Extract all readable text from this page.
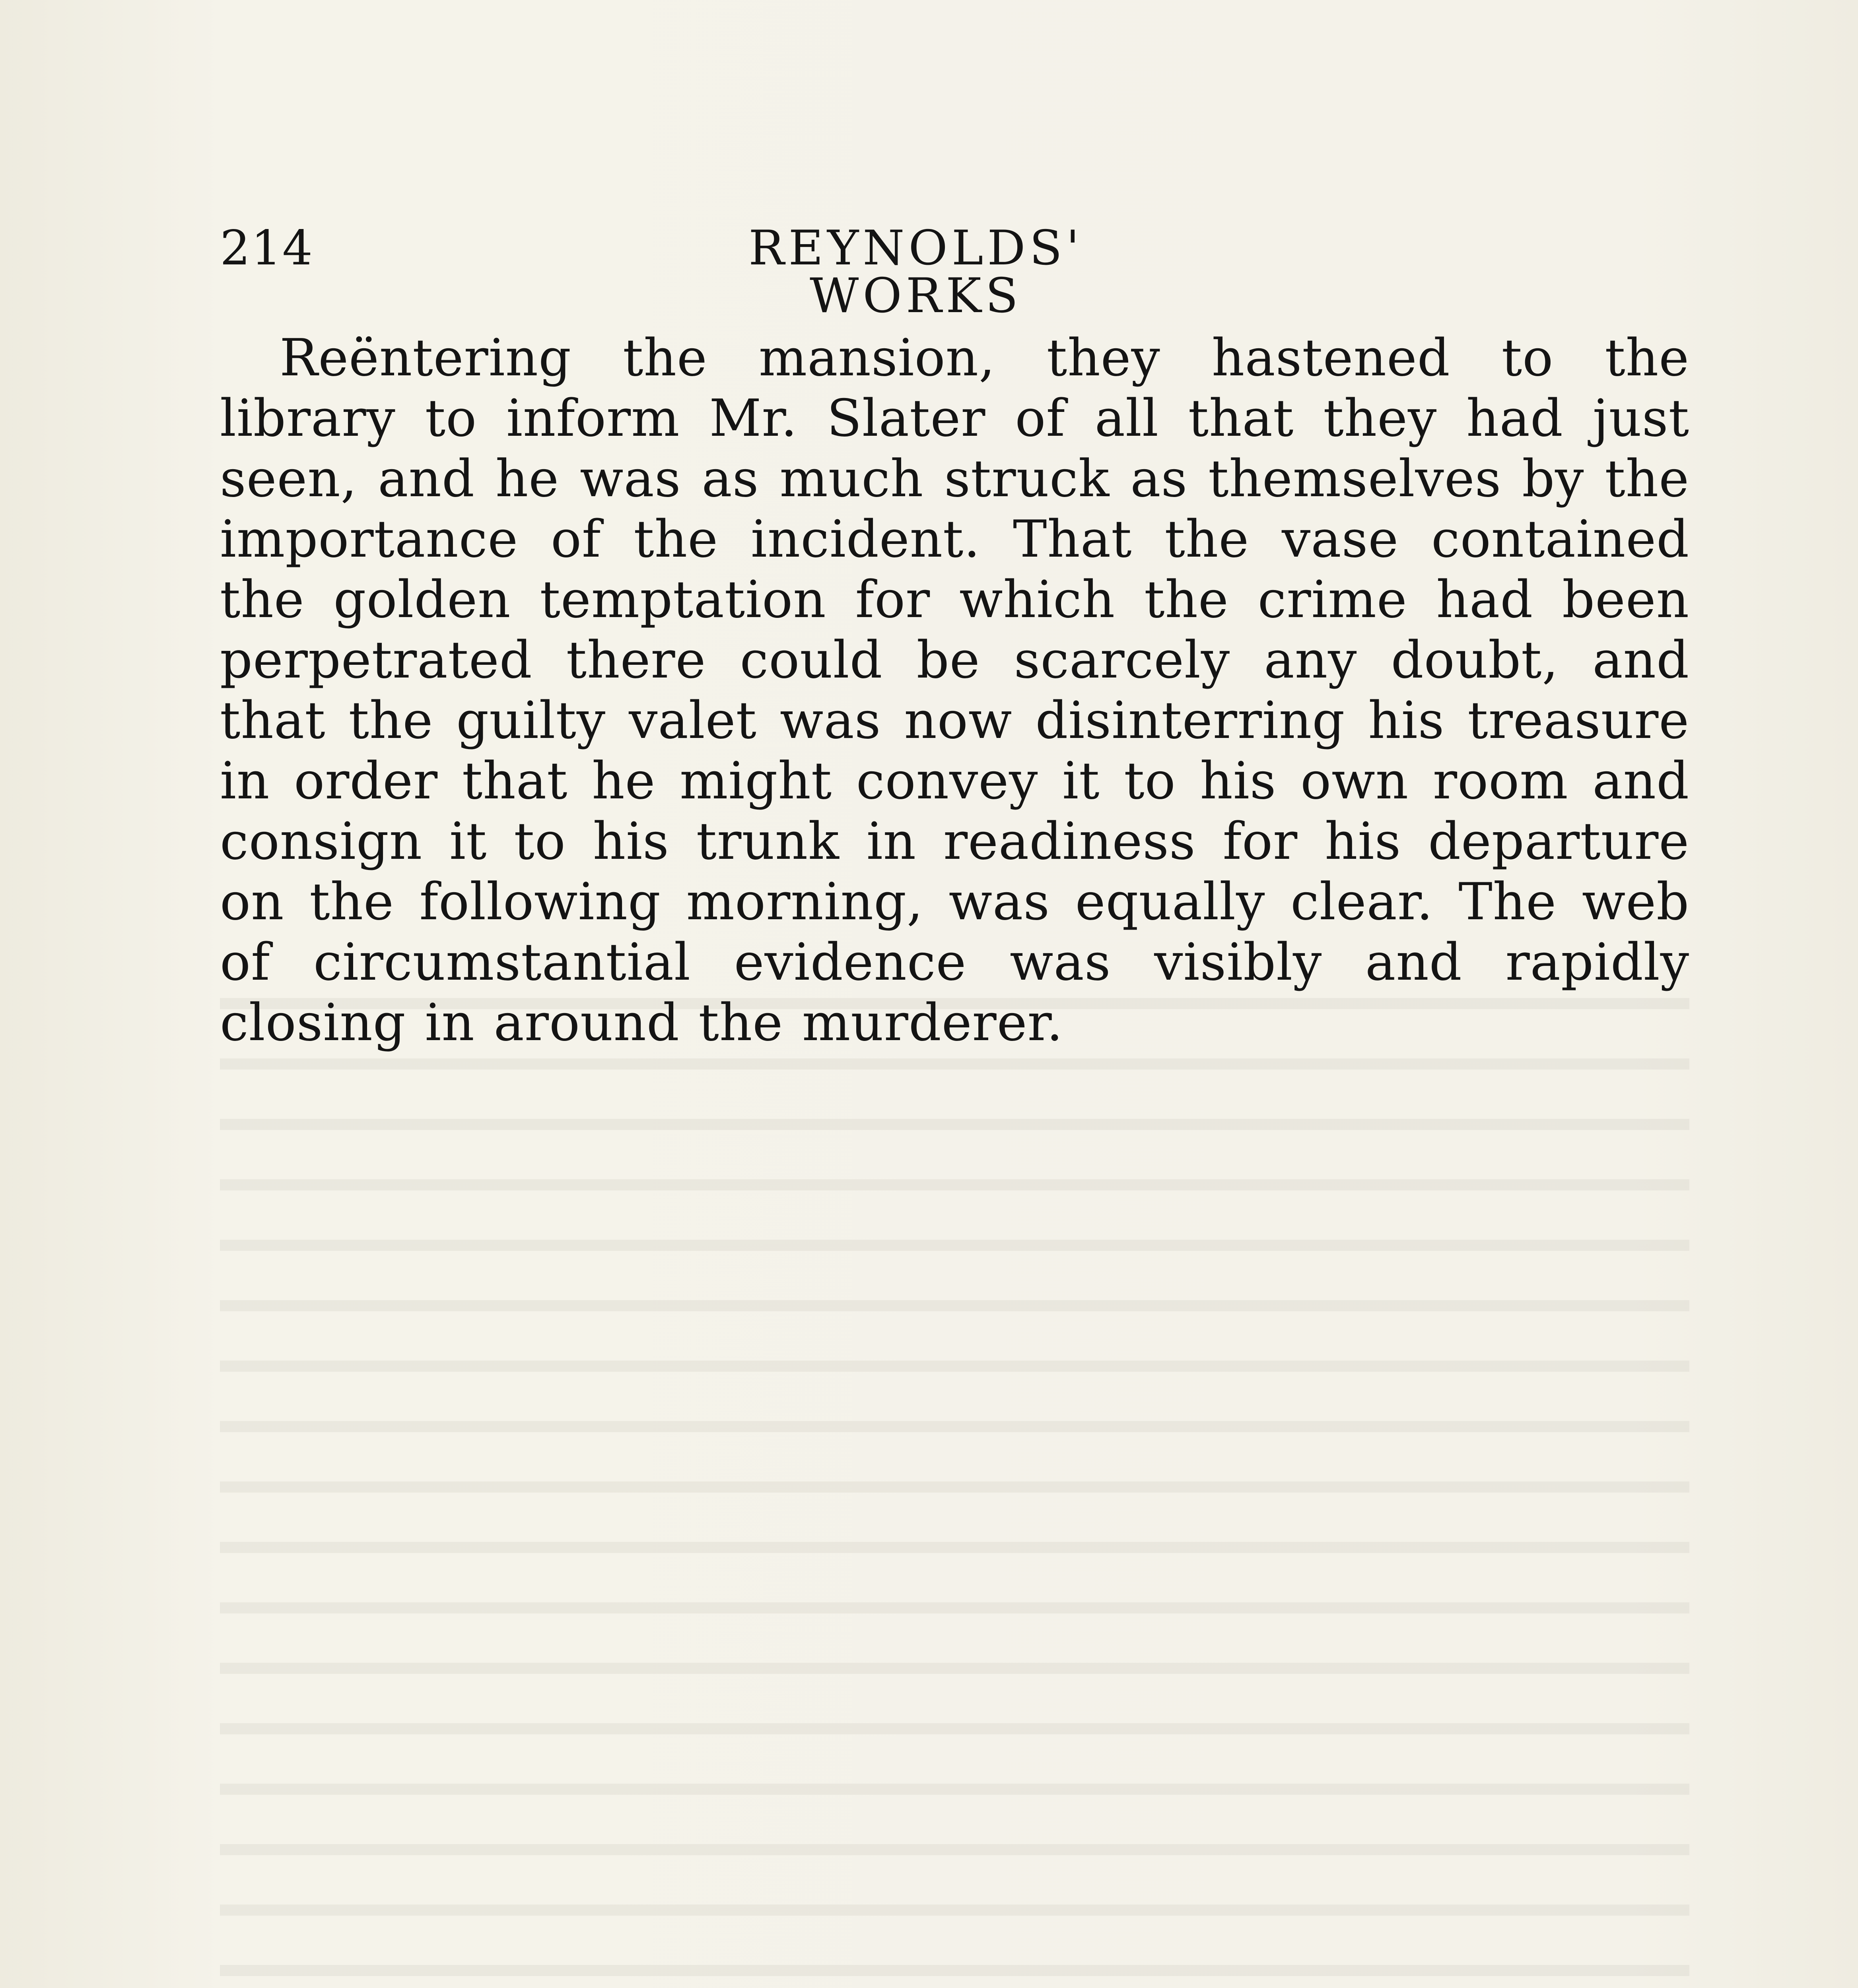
214	REYNOLDS' WORKS

Reëntering the mansion, they hastened to the library to inform Mr. Slater of all that they had just seen, and he was as much struck as themselves by the importance of the incident. That the vase contained the golden temptation for which the crime had been perpetrated there could be scarcely any doubt, and that the guilty valet was now disinterring his treasure in order that he might convey it to his own room and consign it to his trunk in readiness for his departure on the following morning, was equally clear. The web of circumstantial evidence was visibly and rapidly closing in around the murderer.
